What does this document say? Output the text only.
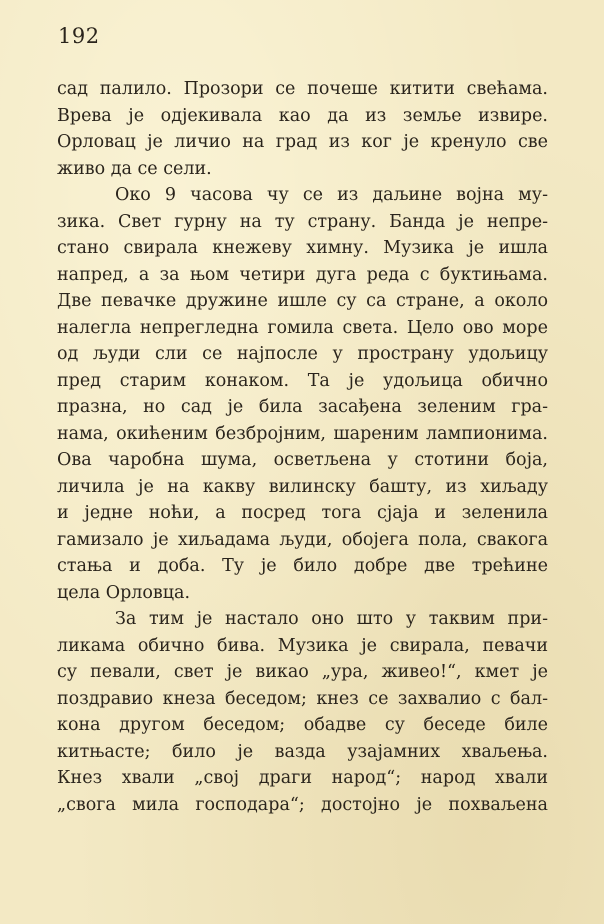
192
сад палило. Прозори се почеше китити свећама.
Врева је одјекивала као да из земље извире.
Орловац је личио на град из ког је кренуло све
живо да се сели.
Око 9 часова чу се из даљине војна му-
зика. Свет гурну на ту страну. Банда је непре-
стано свирала кнежеву химну. Музика је ишла
напред, а за њом четири дуга реда с буктињама.
Две певачке дружине ишле су са стране, а около
налегла непрегледна гомила света. Цело ово море
од људи сли се најпосле у пространу удољицу
пред старим конаком. Та је удољица обично
празна, но сад је била засађена зеленим гра-
нама, окићеним безбројним, шареним лампионима.
Ова чаробна шума, осветљена у стотини боја,
личила је на какву вилинску башту, из хиљаду
и једне ноћи, а посред тога сјаја и зеленила
гамизало је хиљадама људи, обојега пола, свакога
стања и доба. Ту је било добре две трећине
цела Орловца.
За тим је настало оно што у таквим при-
ликама обично бива. Музика је свирала, певачи
су певали, свет је викао „ура, живео!“, кмет је
поздравио кнеза беседом; кнез се захвалио с бал-
кона другом беседом; обадве су беседе биле
китњасте; било је вазда узајамних хваљења.
Кнез хвали „свој драги народ“; народ хвали
„свога мила господара“; достојно је похваљена
